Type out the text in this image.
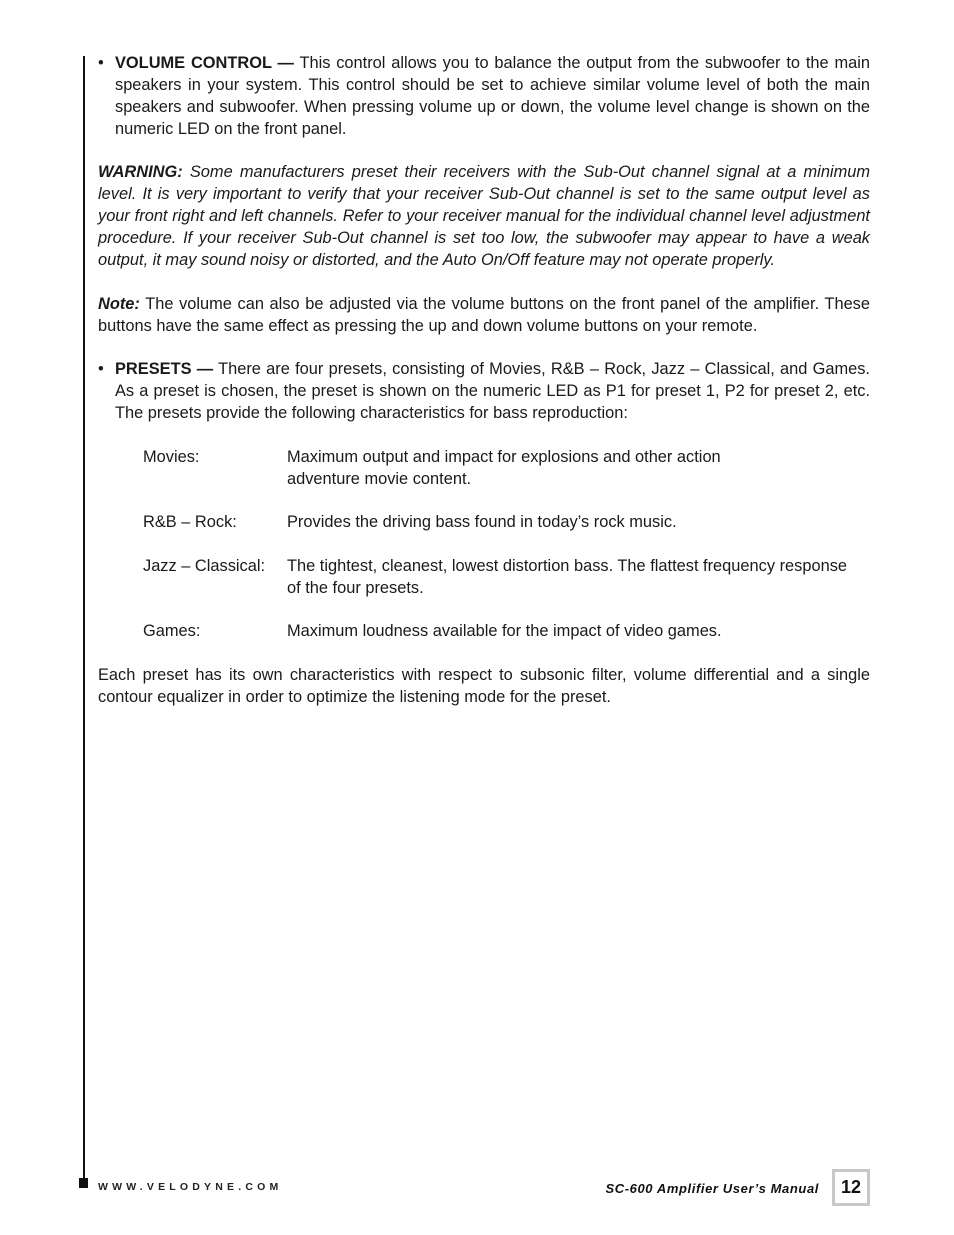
• VOLUME CONTROL — This control allows you to balance the output from the subwoofer to the main speakers in your system. This control should be set to achieve similar volume level of both the main speakers and subwoofer. When pressing volume up or down, the volume level change is shown on the numeric LED on the front panel.

WARNING: Some manufacturers preset their receivers with the Sub-Out channel signal at a minimum level. It is very important to verify that your receiver Sub-Out channel is set to the same output level as your front right and left channels. Refer to your receiver manual for the individual channel level adjustment procedure. If your receiver Sub-Out channel is set too low, the subwoofer may appear to have a weak output, it may sound noisy or distorted, and the Auto On/Off feature may not operate properly.

Note: The volume can also be adjusted via the volume buttons on the front panel of the amplifier. These buttons have the same effect as pressing the up and down volume buttons on your remote.

• PRESETS — There are four presets, consisting of Movies, R&B – Rock, Jazz – Classical, and Games. As a preset is chosen, the preset is shown on the numeric LED as P1 for preset 1, P2 for preset 2, etc. The presets provide the following characteristics for bass reproduction:

Movies:	Maximum output and impact for explosions and other action adventure movie content.
R&B – Rock:	Provides the driving bass found in today’s rock music.
Jazz – Classical:	The tightest, cleanest, lowest distortion bass. The flattest frequency response of the four presets.
Games:	Maximum loudness available for the impact of video games.

Each preset has its own characteristics with respect to subsonic filter, volume differential and a single contour equalizer in order to optimize the listening mode for the preset.

WWW.VELODYNE.COM	SC-600 Amplifier User’s Manual	12
